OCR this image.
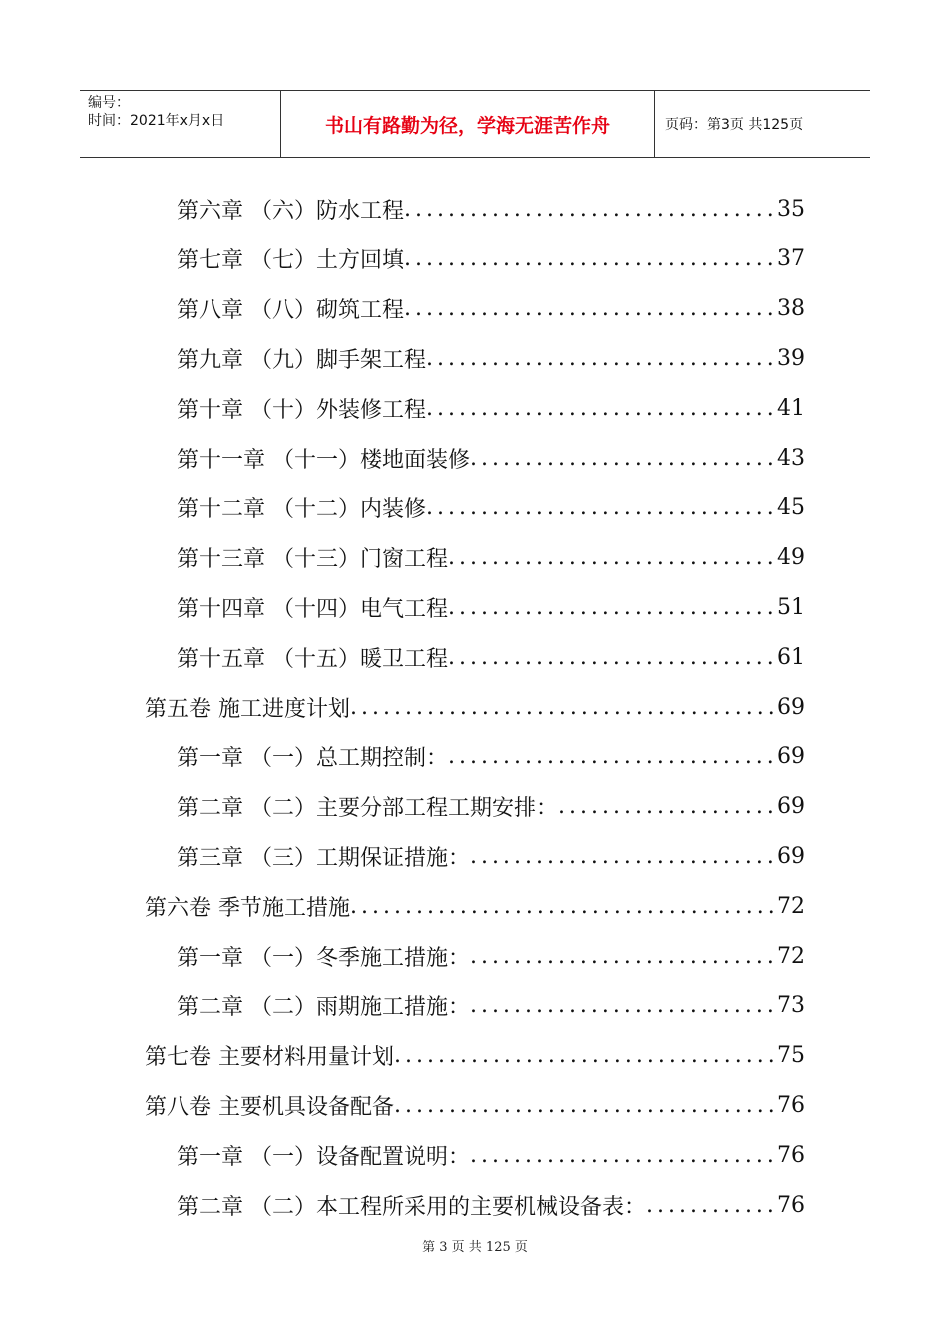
编号：
时间：2021年x月x日	书山有路勤为径，学海无涯苦作舟	页码：第3页 共125页
第六章 （六）防水工程 .....	35
第七章 （七）土方回填 .....	37
第八章 （八）砌筑工程 .....	38
第九章 （九）脚手架工程 .....	39
第十章 （十）外装修工程 .....	41
第十一章 （十一）楼地面装修 .....	43
第十二章 （十二）内装修 .....	45
第十三章 （十三）门窗工程 .....	49
第十四章 （十四）电气工程 .....	51
第十五章 （十五）暖卫工程 .....	61
第五卷 施工进度计划 .....	69
第一章 （一）总工期控制： .....	69
第二章 （二）主要分部工程工期安排： .....	69
第三章 （三）工期保证措施： .....	69
第六卷 季节施工措施 .....	72
第一章 （一）冬季施工措施： .....	72
第二章 （二）雨期施工措施： .....	73
第七卷 主要材料用量计划 .....	75
第八卷 主要机具设备配备 .....	76
第一章 （一）设备配置说明： .....	76
第二章 （二）本工程所采用的主要机械设备表： .....	76
第 3 页 共 125 页
